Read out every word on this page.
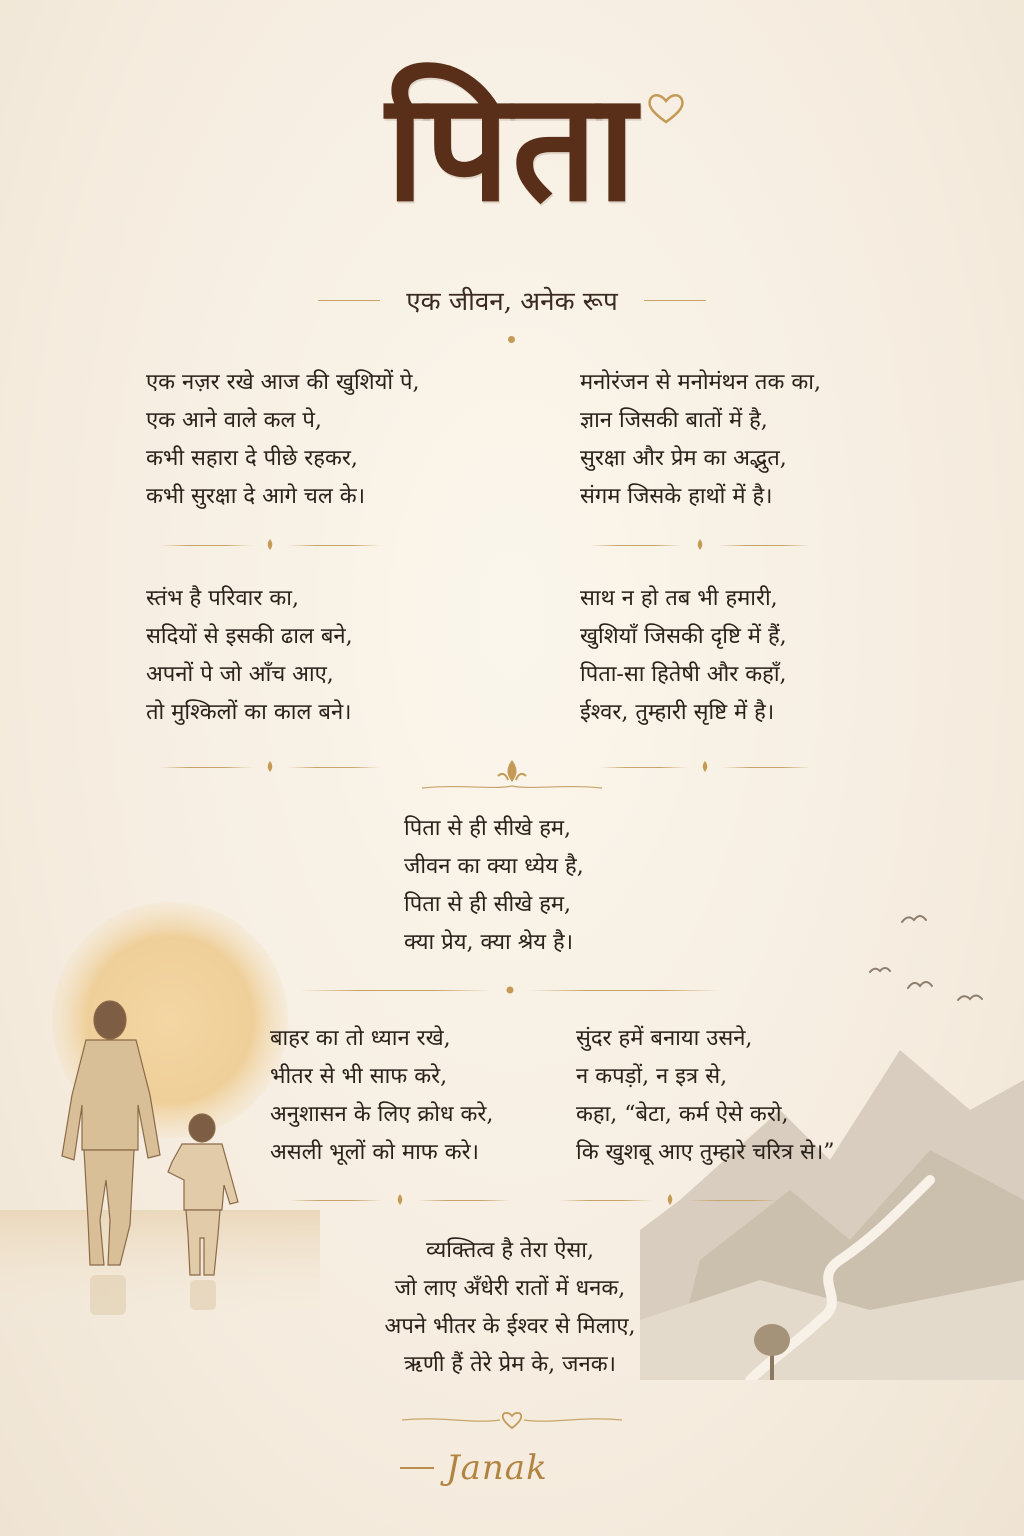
पिता
एक जीवन, अनेक रूप

एक नज़र रखे आज की खुशियों पे,

एक आने वाले कल पे,

कभी सहारा दे पीछे रहकर,

कभी सुरक्षा दे आगे चल के।

मनोरंजन से मनोमंथन तक का,

ज्ञान जिसकी बातों में है,

सुरक्षा और प्रेम का अद्भुत,

संगम जिसके हाथों में है।

स्तंभ है परिवार का,

सदियों से इसकी ढाल बने,

अपनों पे जो आँच आए,

तो मुश्किलों का काल बने।

साथ न हो तब भी हमारी,

खुशियाँ जिसकी दृष्टि में हैं,

पिता-सा हितेषी और कहाँ,

ईश्वर, तुम्हारी सृष्टि में है।

पिता से ही सीखे हम,

जीवन का क्या ध्येय है,

पिता से ही सीखे हम,

क्या प्रेय, क्या श्रेय है।

बाहर का तो ध्यान रखे,

भीतर से भी साफ करे,

अनुशासन के लिए क्रोध करे,

असली भूलों को माफ करे।

सुंदर हमें बनाया उसने,

न कपड़ों, न इत्र से,

कहा, “बेटा, कर्म ऐसे करो,

कि खुशबू आए तुम्हारे चरित्र से।”

व्यक्तित्व है तेरा ऐसा,

जो लाए अँधेरी रातों में धनक,

अपने भीतर के ईश्वर से मिलाए,

ऋणी हैं तेरे प्रेम के, जनक।

Janak
